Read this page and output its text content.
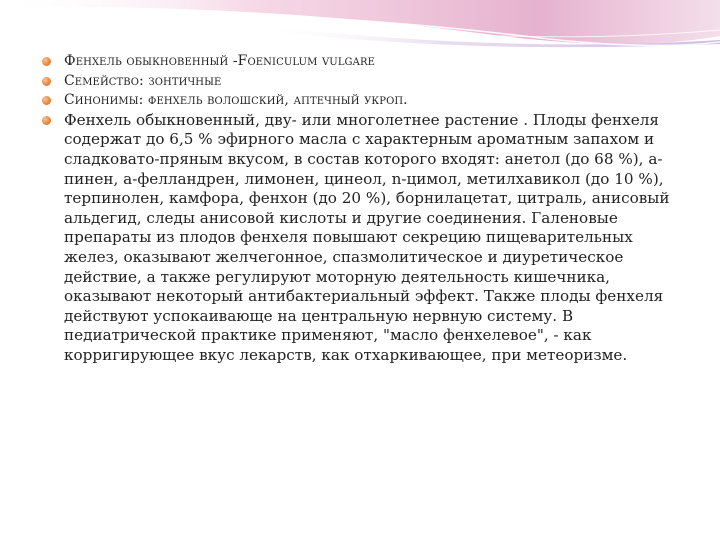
Фенхель обыкновенный -Foeniculum vulgare
Семейство: зонтичные
Синонимы: фенхель волошский, аптечный укроп.
Фенхель обыкновенный, дву- или многолетнее растение . Плоды фенхеля содержат до 6,5 % эфирного масла с характерным ароматным запахом и сладковато-пряным вкусом, в состав которого входят: анетол (до 68 %), а-пинен, а-фелландрен, лимонен, цинеол, n-цимол, метилхавикол (до 10 %), терпинолен, камфора, фенхон (до 20 %), борнилацетат, цитраль, анисовый альдегид, следы анисовой кислоты и другие соединения. Галеновые препараты из плодов фенхеля повышают секрецию пищеварительных желез, оказывают желчегонное, спазмолитическое и диуретическое действие, а также регулируют моторную деятельность кишечника, оказывают некоторый антибактериальный эффект. Также плоды фенхеля действуют успокаивающе на центральную нервную систему. В педиатрической практике применяют, "масло фенхелевое", - как корригирующее вкус лекарств, как отхаркивающее, при метеоризме.
